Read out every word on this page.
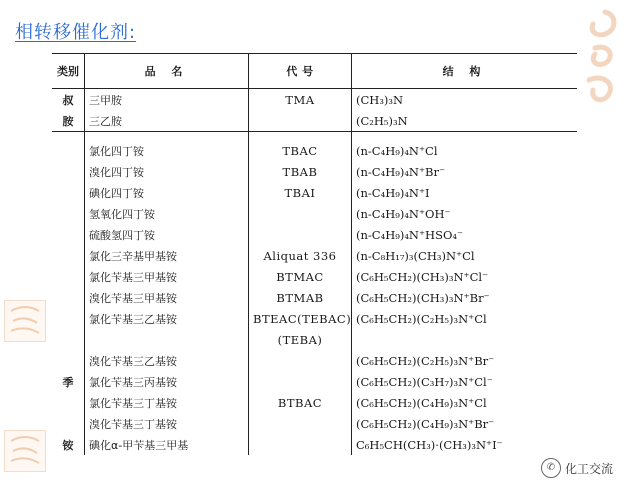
相转移催化剂:
类别	品 名	代 号	结 构
叔	三甲胺	TMA	(CH₃)₃N
胺	三乙胺		(C₂H₅)₃N

	氯化四丁铵	TBAC	(n-C₄H₉)₄N⁺Cl
	溴化四丁铵	TBAB	(n-C₄H₉)₄N⁺Br⁻
	碘化四丁铵	TBAI	(n-C₄H₉)₄N⁺I
	氢氧化四丁铵		(n-C₄H₉)₄N⁺OH⁻
	硫酸氢四丁铵		(n-C₄H₉)₄N⁺HSO₄⁻
	氯化三辛基甲基铵	Aliquat 336	(n-C₈H₁₇)₃(CH₃)N⁺Cl
	氯化苄基三甲基铵	BTMAC	(C₆H₅CH₂)(CH₃)₃N⁺Cl⁻
	溴化苄基三甲基铵	BTMAB	(C₆H₅CH₂)(CH₃)₃N⁺Br⁻
	氯化苄基三乙基铵	BTEAC(TEBAC)	(C₆H₅CH₂)(C₂H₅)₃N⁺Cl
		(TEBA)	
	溴化苄基三乙基铵		(C₆H₅CH₂)(C₂H₅)₃N⁺Br⁻
季	氯化苄基三丙基铵		(C₆H₅CH₂)(C₃H₇)₃N⁺Cl⁻
	氯化苄基三丁基铵	BTBAC	(C₆H₅CH₂)(C₄H₉)₃N⁺Cl
	溴化苄基三丁基铵		(C₆H₅CH₂)(C₄H₉)₃N⁺Br⁻
铵	碘化α-甲苄基三甲基		C₆H₅CH(CH₃)·(CH₃)₃N⁺I⁻
✆ 化工交流
